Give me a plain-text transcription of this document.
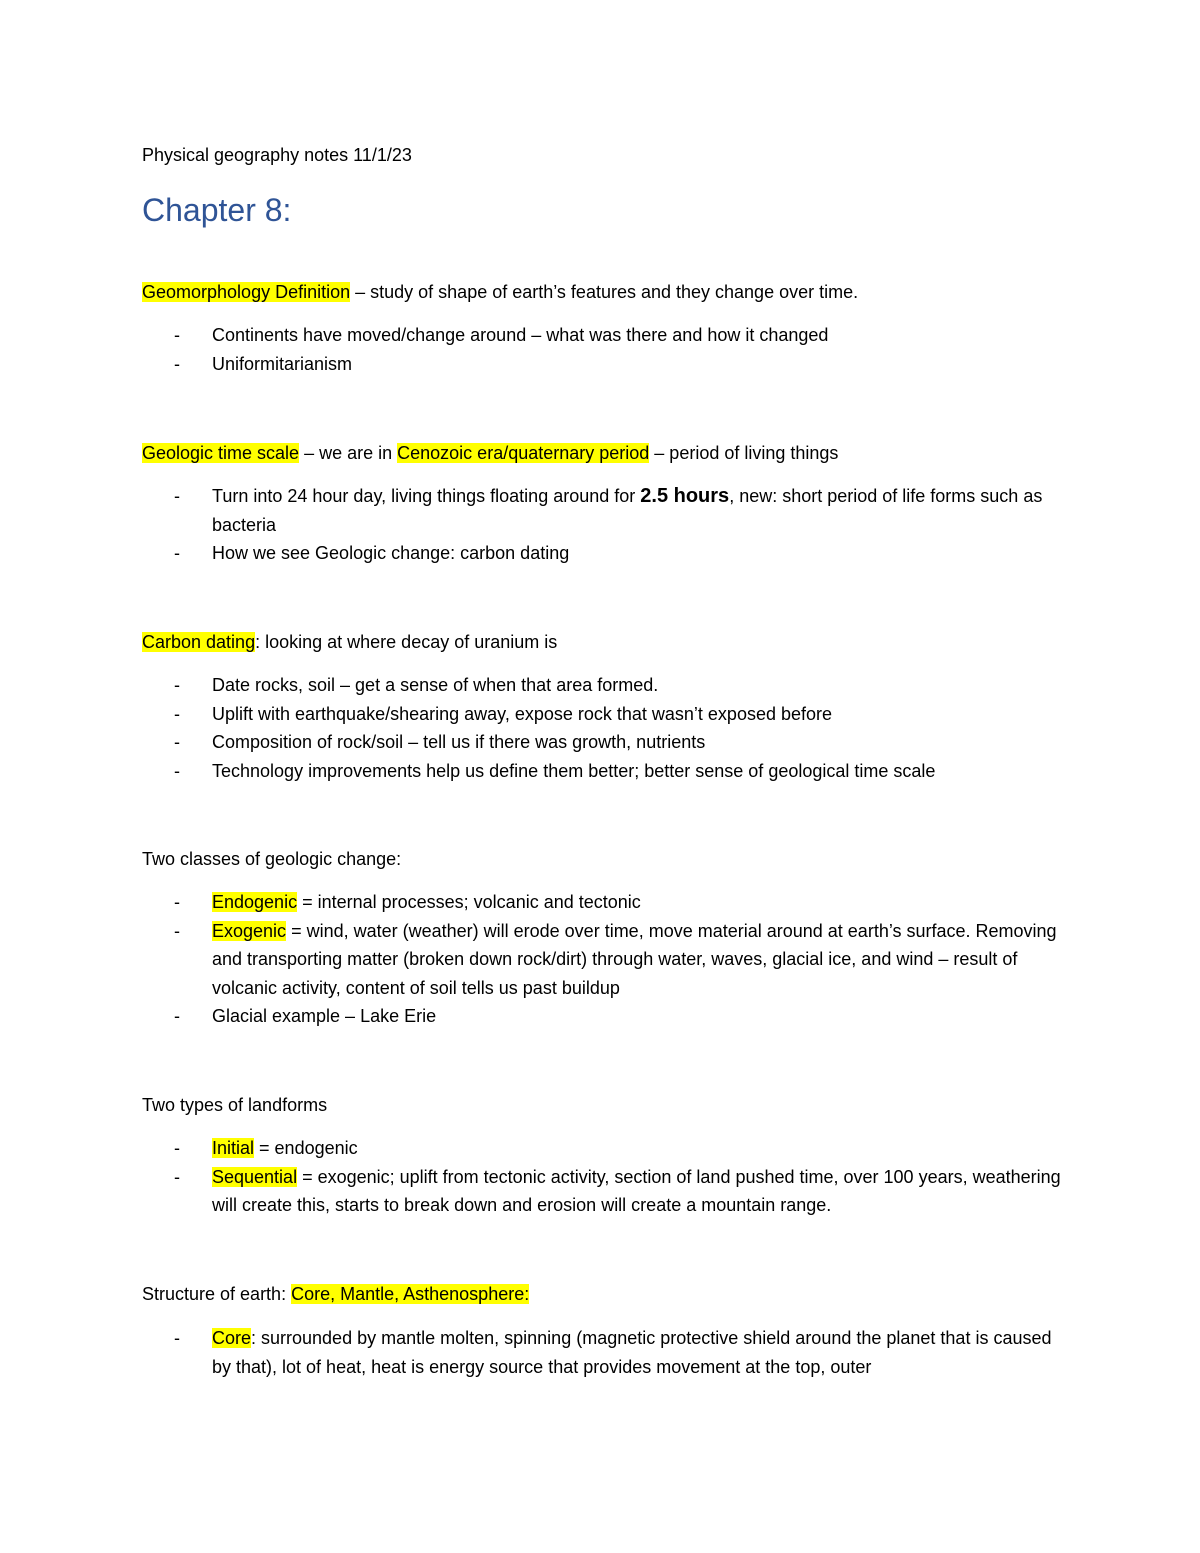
Physical geography notes 11/1/23
Chapter 8:
Geomorphology Definition – study of shape of earth’s features and they change over time.
- Continents have moved/change around – what was there and how it changed
- Uniformitarianism
Geologic time scale – we are in Cenozoic era/quaternary period – period of living things
- Turn into 24 hour day, living things floating around for 2.5 hours, new: short period of life forms such as bacteria
- How we see Geologic change: carbon dating
Carbon dating: looking at where decay of uranium is
- Date rocks, soil – get a sense of when that area formed.
- Uplift with earthquake/shearing away, expose rock that wasn’t exposed before
- Composition of rock/soil – tell us if there was growth, nutrients
- Technology improvements help us define them better; better sense of geological time scale
Two classes of geologic change:
- Endogenic = internal processes; volcanic and tectonic
- Exogenic = wind, water (weather) will erode over time, move material around at earth’s surface. Removing and transporting matter (broken down rock/dirt) through water, waves, glacial ice, and wind – result of volcanic activity, content of soil tells us past buildup
- Glacial example – Lake Erie
Two types of landforms
- Initial = endogenic
- Sequential = exogenic; uplift from tectonic activity, section of land pushed time, over 100 years, weathering will create this, starts to break down and erosion will create a mountain range.
Structure of earth: Core, Mantle, Asthenosphere:
- Core: surrounded by mantle molten, spinning (magnetic protective shield around the planet that is caused by that), lot of heat, heat is energy source that provides movement at the top, outer
